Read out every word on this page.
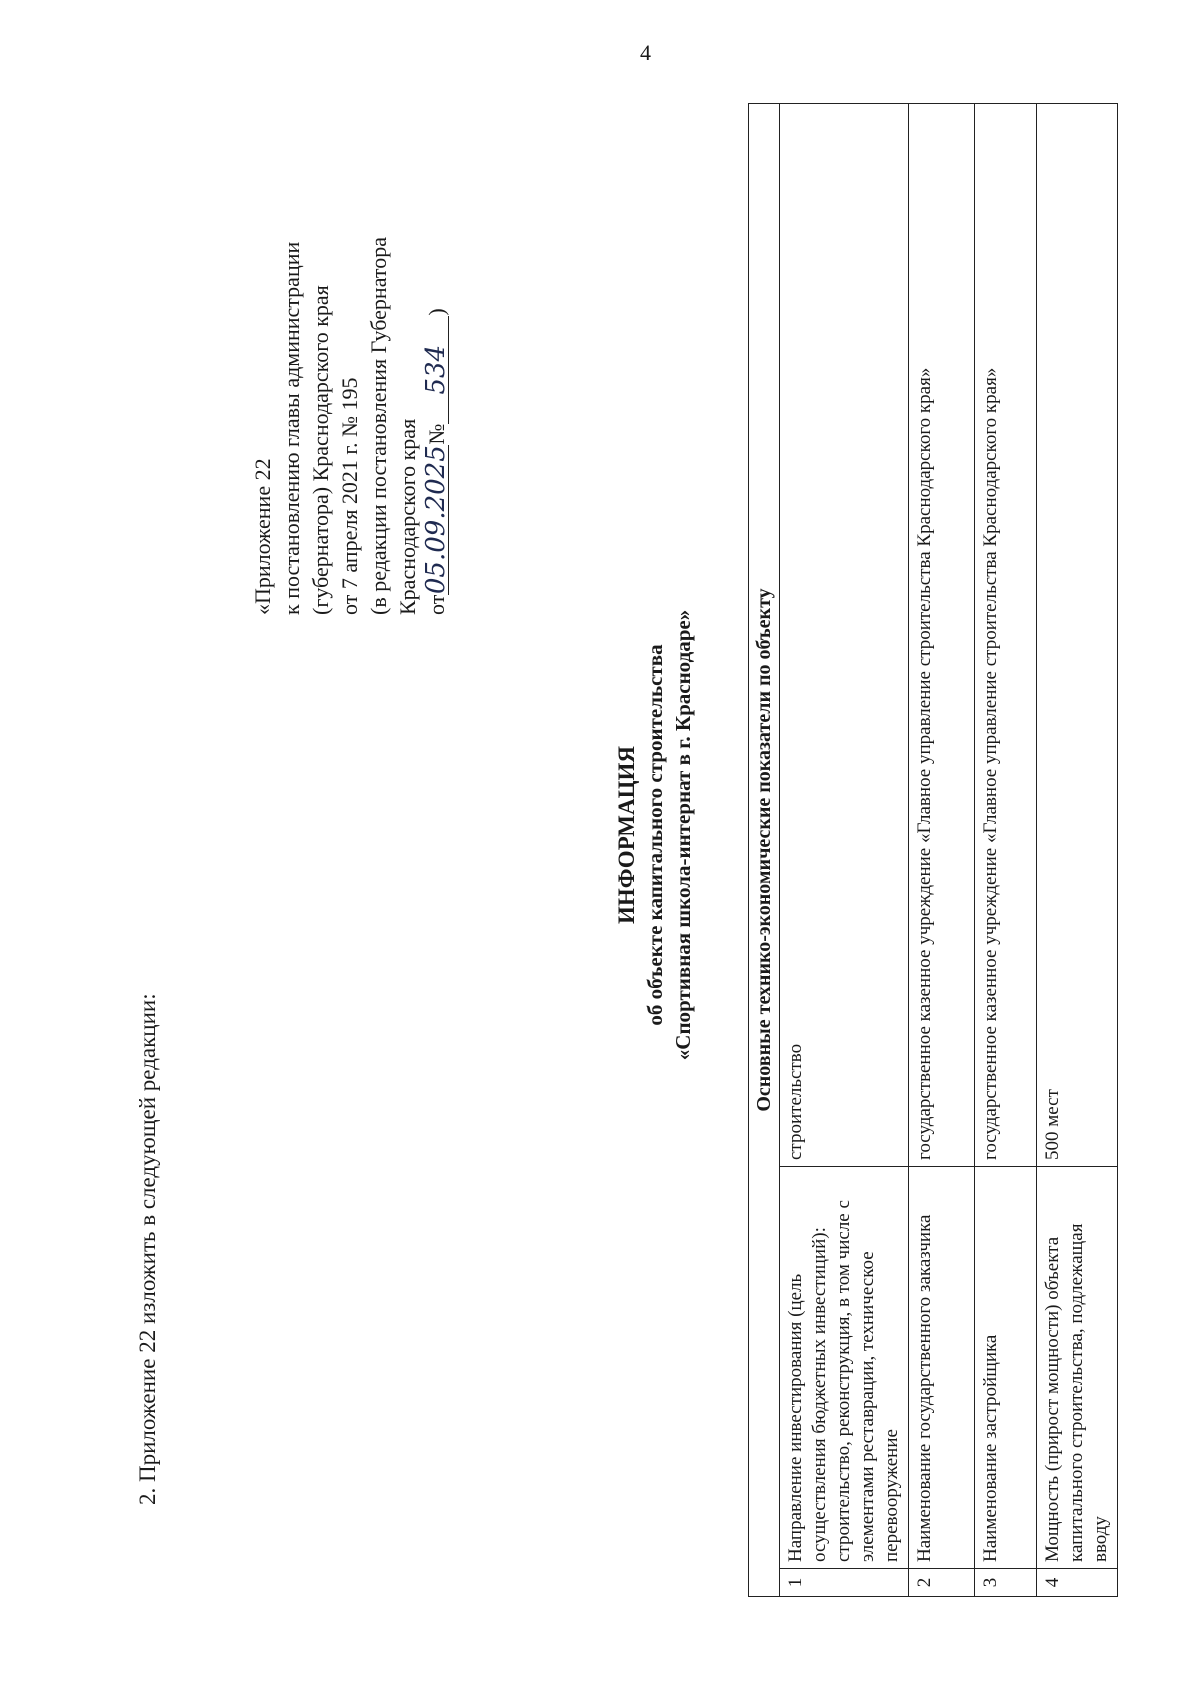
4
2. Приложение 22 изложить в следующей редакции:
«Приложение 22 к постановлению главы администрации (губернатора) Краснодарского края от 7 апреля 2021 г. № 195 (в редакции постановления Губернатора Краснодарского края от05.09.2025№534)
ИНФОРМАЦИЯ об объекте капитального строительства «Спортивная школа-интернат в г. Краснодаре»	Основные технико-экономические показатели по объекту		
1	Направление инвестирования (цель осуществления бюджетных инвестиций): строительство, реконструкция, в том числе с элементами реставрации, техническое перевооружение	строительство
2	Наименование государственного заказчика	государственное казенное учреждение «Главное управление строительства Краснодарского края»
3	Наименование застройщика	государственное казенное учреждение «Главное управление строительства Краснодарского края»
4	Мощность (прирост мощности) объекта капитального строительства, подлежащая вводу	500 мест
